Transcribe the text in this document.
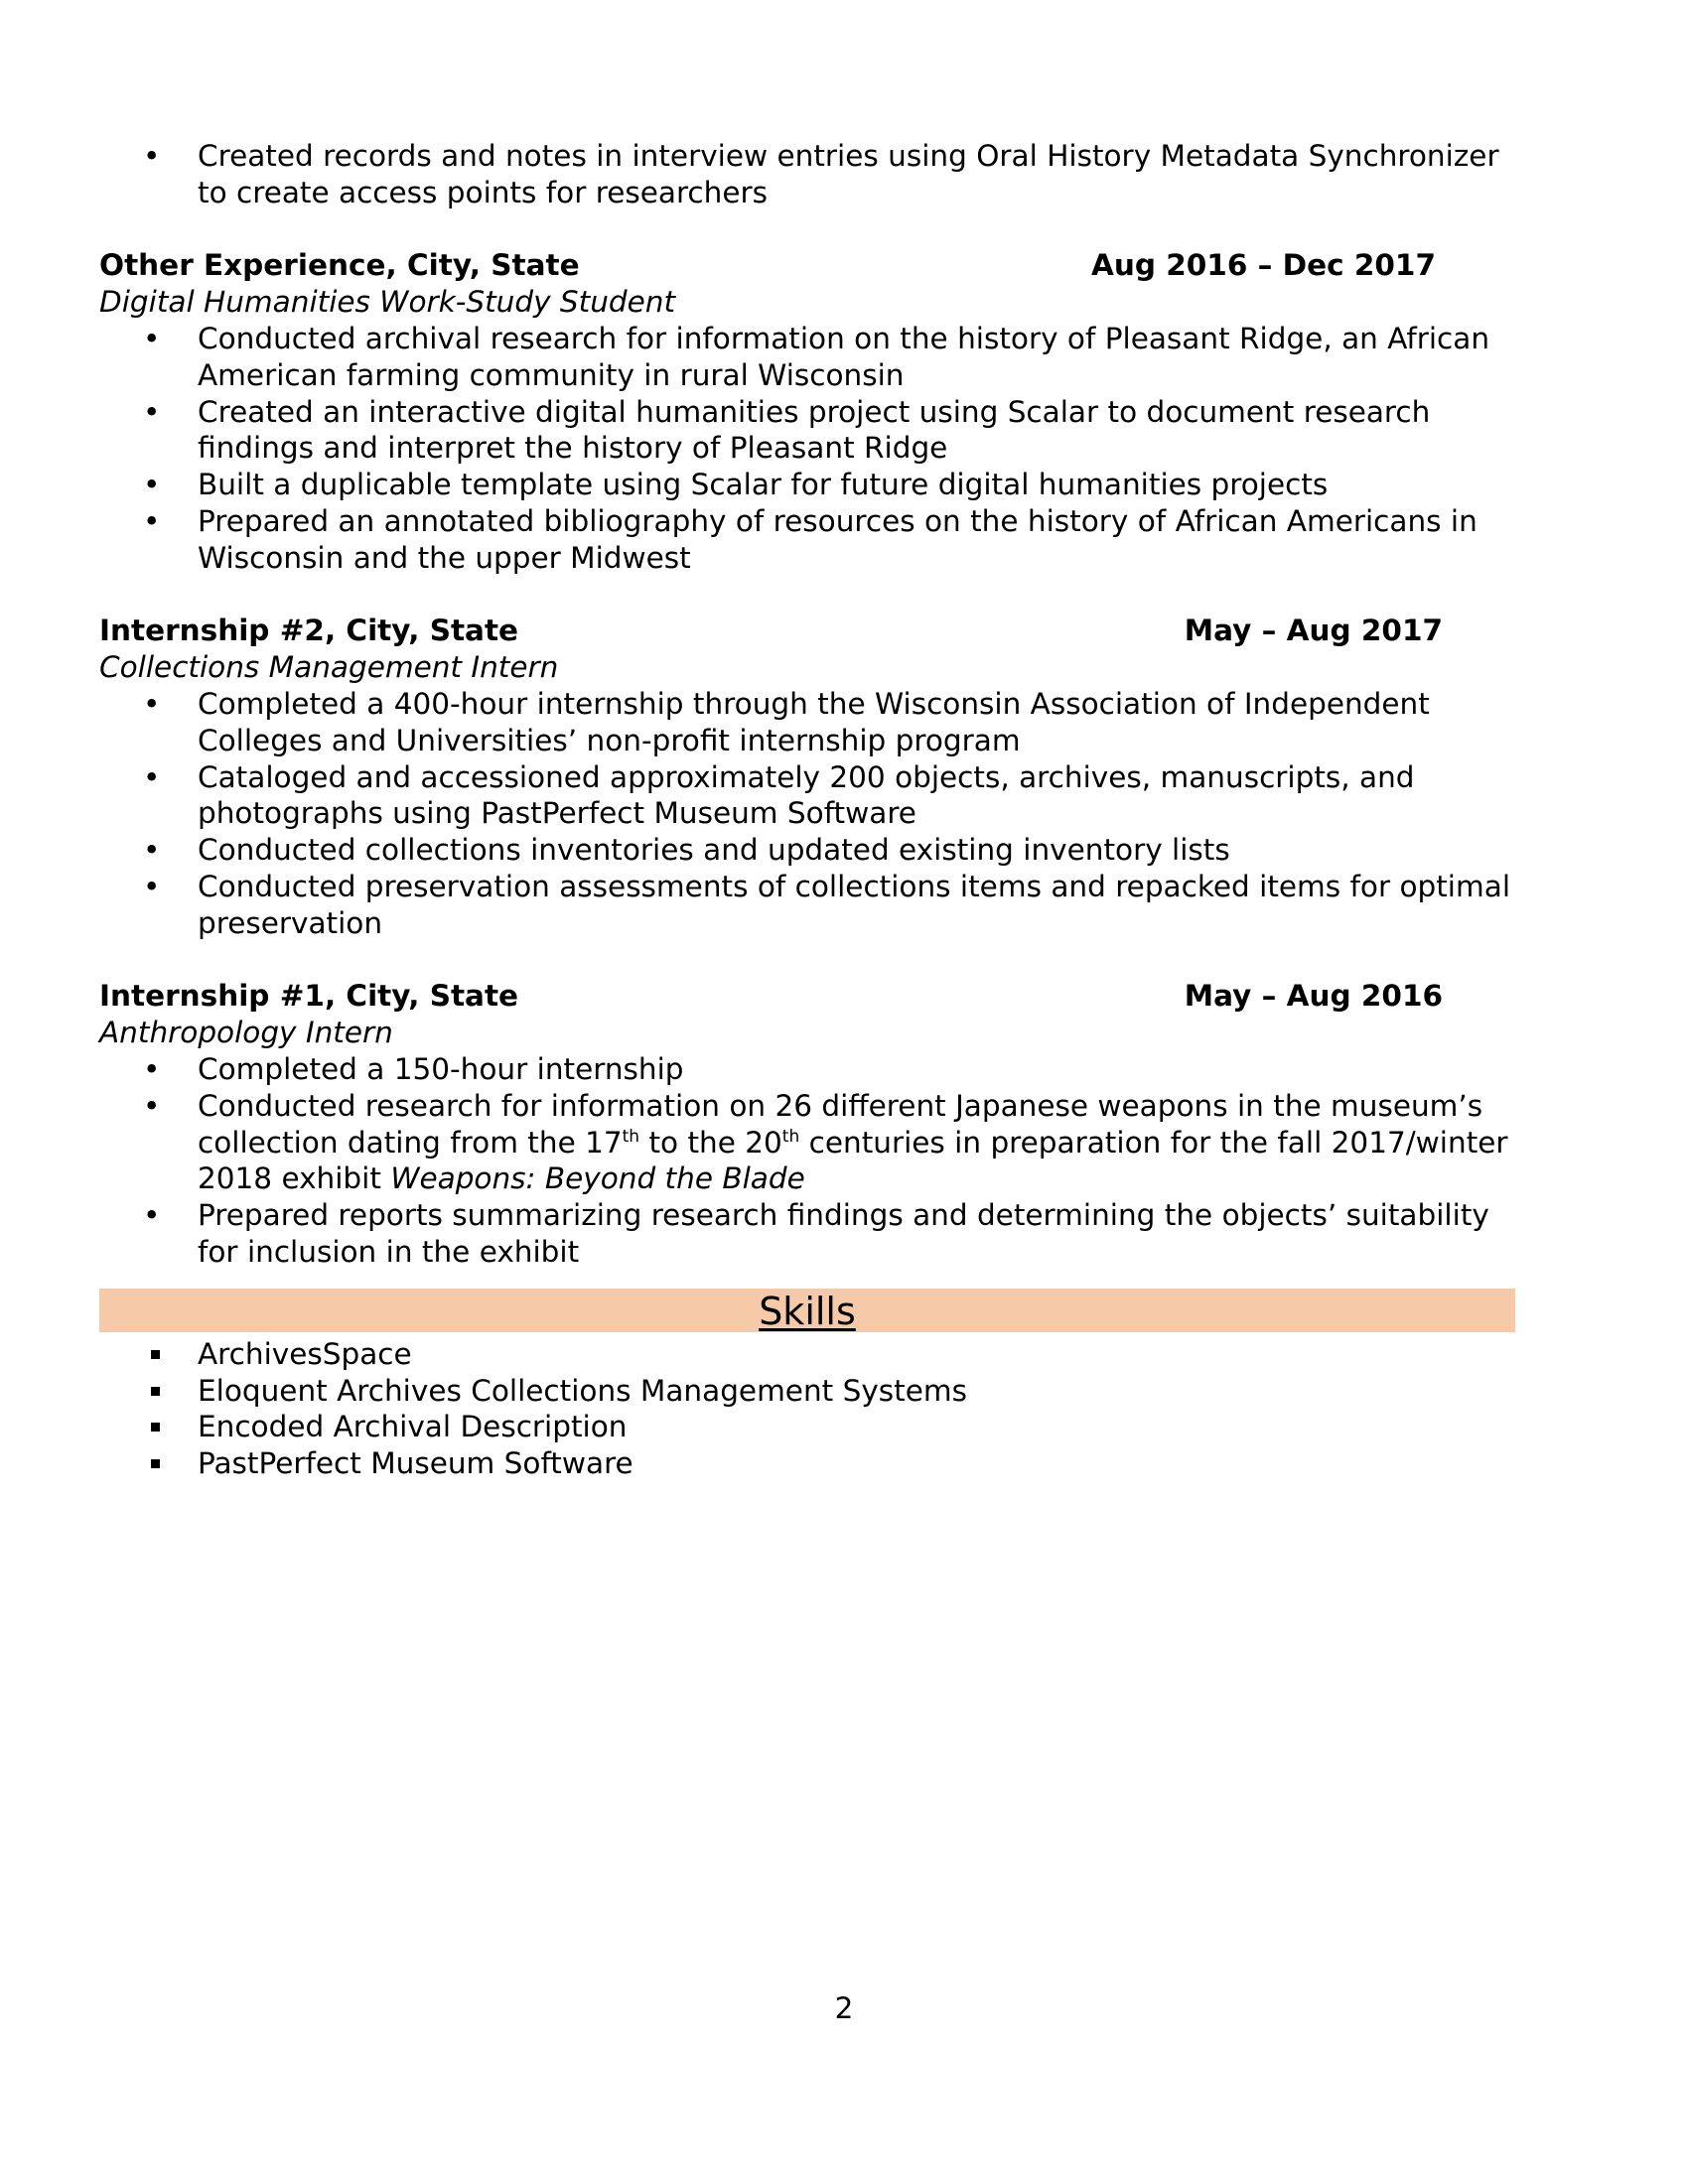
• Created records and notes in interview entries using Oral History Metadata Synchronizer to create access points for researchers
Other Experience, City, State	Aug 2016 – Dec 2017
Digital Humanities Work-Study Student
• Conducted archival research for information on the history of Pleasant Ridge, an African American farming community in rural Wisconsin
• Created an interactive digital humanities project using Scalar to document research findings and interpret the history of Pleasant Ridge
• Built a duplicable template using Scalar for future digital humanities projects
• Prepared an annotated bibliography of resources on the history of African Americans in Wisconsin and the upper Midwest
Internship #2, City, State	May – Aug 2017
Collections Management Intern
• Completed a 400-hour internship through the Wisconsin Association of Independent Colleges and Universities’ non-profit internship program
• Cataloged and accessioned approximately 200 objects, archives, manuscripts, and photographs using PastPerfect Museum Software
• Conducted collections inventories and updated existing inventory lists
• Conducted preservation assessments of collections items and repacked items for optimal preservation
Internship #1, City, State	May – Aug 2016
Anthropology Intern
• Completed a 150-hour internship
• Conducted research for information on 26 different Japanese weapons in the museum’s collection dating from the 17th to the 20th centuries in preparation for the fall 2017/winter 2018 exhibit Weapons: Beyond the Blade
• Prepared reports summarizing research findings and determining the objects’ suitability for inclusion in the exhibit
Skills
ArchivesSpace
Eloquent Archives Collections Management Systems
Encoded Archival Description
PastPerfect Museum Software
2
